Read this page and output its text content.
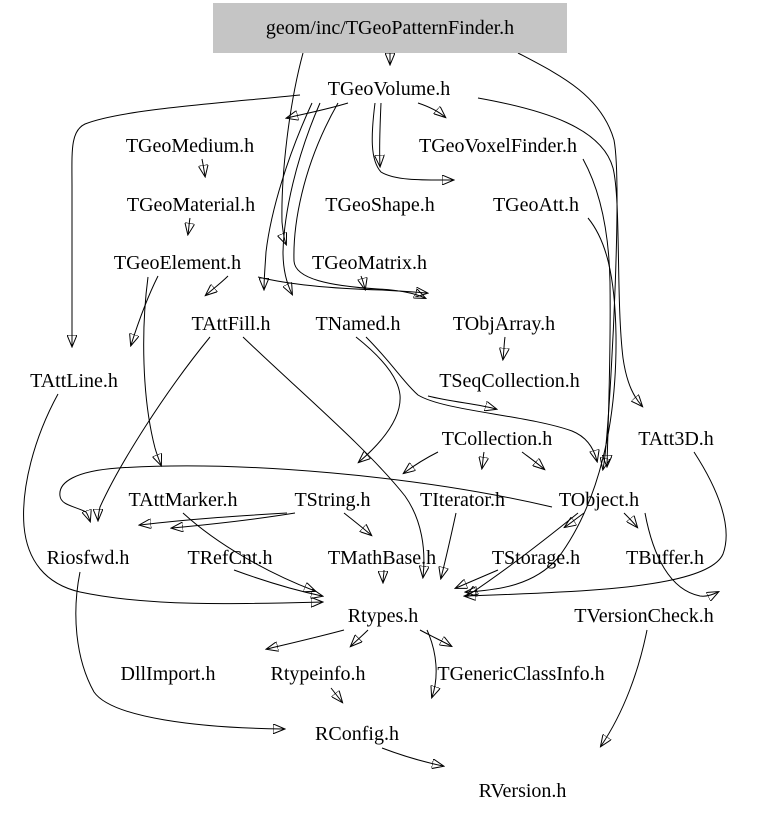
geom/inc/TGeoPatternFinder.h
TGeoVolume.h
TGeoMedium.h	TGeoVoxelFinder.h
TGeoMaterial.h	TGeoShape.h	TGeoAtt.h
TGeoElement.h	TGeoMatrix.h
TAttFill.h	TNamed.h	TObjArray.h
TAttLine.h	TSeqCollection.h
TCollection.h	TAtt3D.h
TAttMarker.h	TString.h	TIterator.h	TObject.h
Riosfwd.h	TRefCnt.h	TMathBase.h	TStorage.h	TBuffer.h
Rtypes.h	TVersionCheck.h
DllImport.h	Rtypeinfo.h	TGenericClassInfo.h
RConfig.h
RVersion.h
